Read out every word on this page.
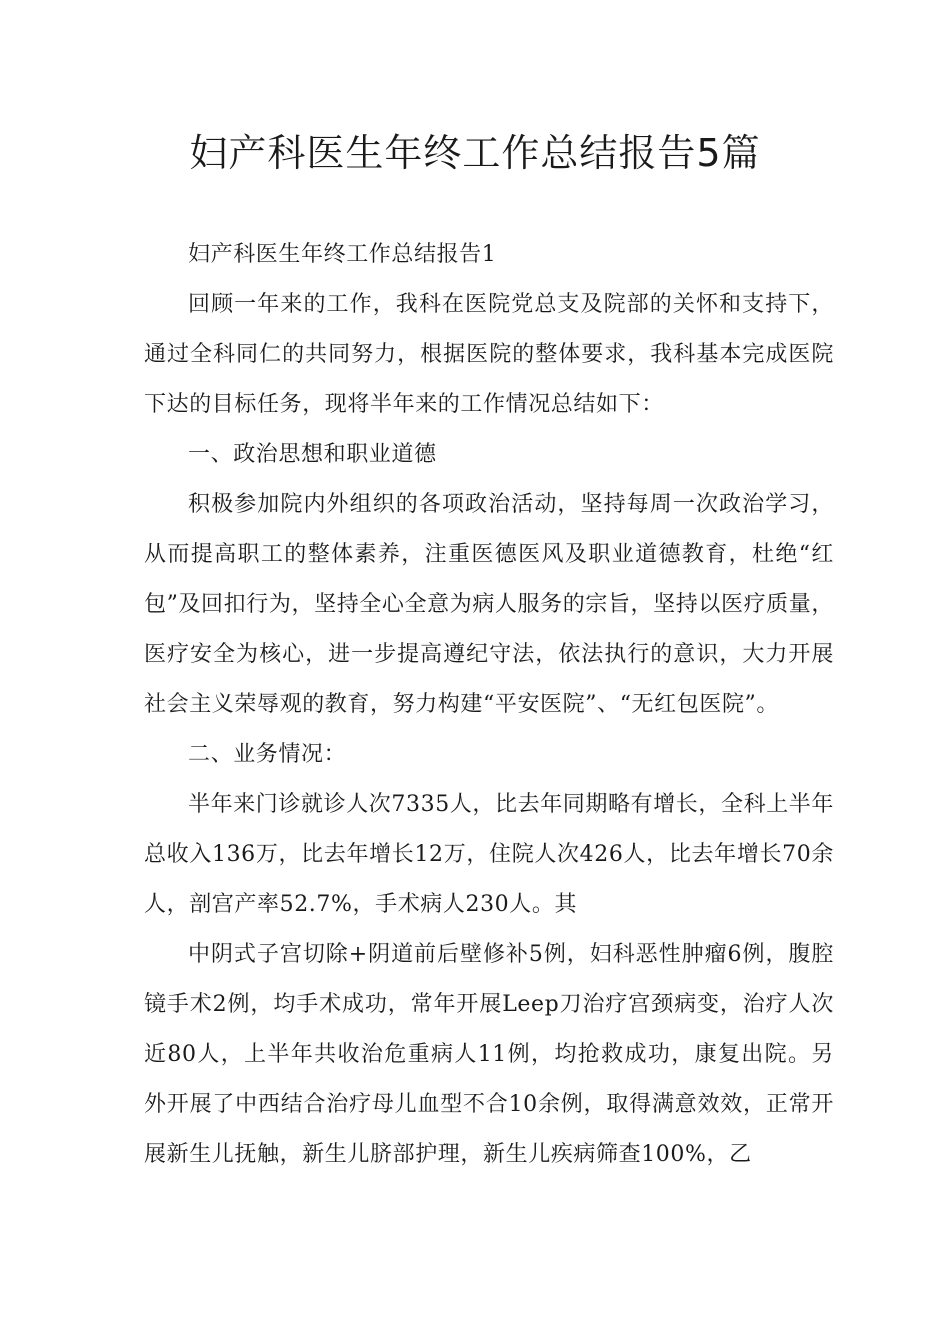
妇产科医生年终工作总结报告5篇

妇产科医生年终工作总结报告1

回顾一年来的工作，我科在医院党总支及院部的关怀和支持下，通过全科同仁的共同努力，根据医院的整体要求，我科基本完成医院下达的目标任务，现将半年来的工作情况总结如下：

一、政治思想和职业道德

积极参加院内外组织的各项政治活动，坚持每周一次政治学习，从而提高职工的整体素养，注重医德医风及职业道德教育，杜绝“红包”及回扣行为，坚持全心全意为病人服务的宗旨，坚持以医疗质量，医疗安全为核心，进一步提高遵纪守法，依法执行的意识，大力开展社会主义荣辱观的教育，努力构建“平安医院”、“无红包医院”。

二、业务情况：

半年来门诊就诊人次7335人，比去年同期略有增长，全科上半年总收入136万，比去年增长12万，住院人次426人，比去年增长70余人，剖宫产率52.7%，手术病人230人。其

中阴式子宫切除+阴道前后壁修补5例，妇科恶性肿瘤6例，腹腔镜手术2例，均手术成功，常年开展Leep刀治疗宫颈病变，治疗人次近80人，上半年共收治危重病人11例，均抢救成功，康复出院。另外开展了中西结合治疗母儿血型不合10余例，取得满意效效，正常开展新生儿抚触，新生儿脐部护理，新生儿疾病筛查100%，乙
